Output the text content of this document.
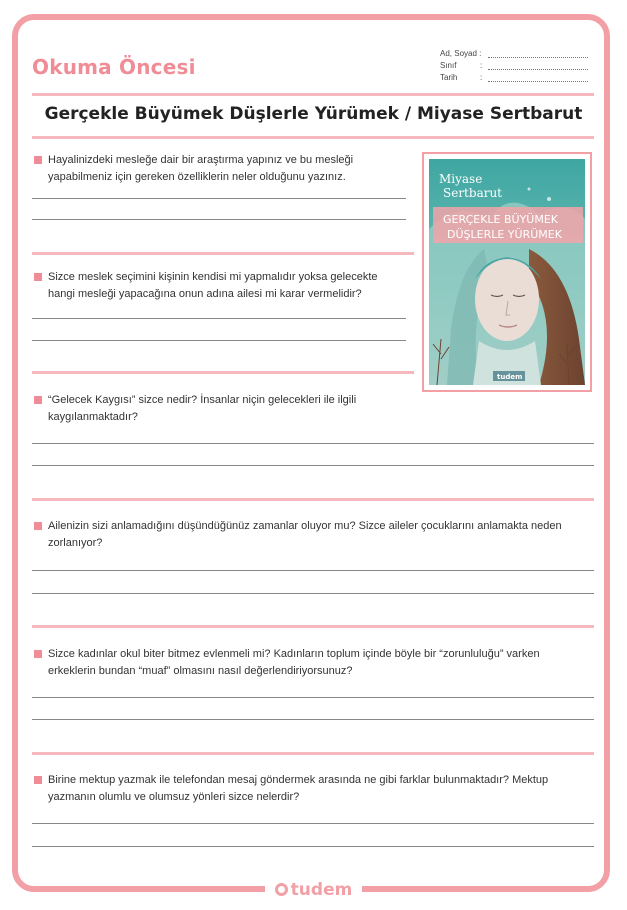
Okuma Öncesi
Ad, Soyad :
Sınıf	:
Tarih	:
Gerçekle Büyümek Düşlerle Yürümek / Miyase Sertbarut
Hayalinizdeki mesleğe dair bir araştırma yapınız ve bu mesleği
yapabilmeniz için gereken özelliklerin neler olduğunu yazınız.
Sizce meslek seçimini kişinin kendisi mi yapmalıdır yoksa gelecekte
hangi mesleği yapacağına onun adına ailesi mi karar vermelidir?
Miyase
Sertbarut
GERÇEKLE BÜYÜMEK
DÜŞLERLE YÜRÜMEK
tudem
“Gelecek Kaygısı” sizce nedir? İnsanlar niçin gelecekleri ile ilgili
kaygılanmaktadır?
Ailenizin sizi anlamadığını düşündüğünüz zamanlar oluyor mu? Sizce aileler çocuklarını anlamakta neden
zorlanıyor?
Sizce kadınlar okul biter bitmez evlenmeli mi? Kadınların toplum içinde böyle bir “zorunluluğu” varken
erkeklerin bundan “muaf” olmasını nasıl değerlendiriyorsunuz?
Birine mektup yazmak ile telefondan mesaj göndermek arasında ne gibi farklar bulunmaktadır? Mektup
yazmanın olumlu ve olumsuz yönleri sizce nelerdir?
tudem
